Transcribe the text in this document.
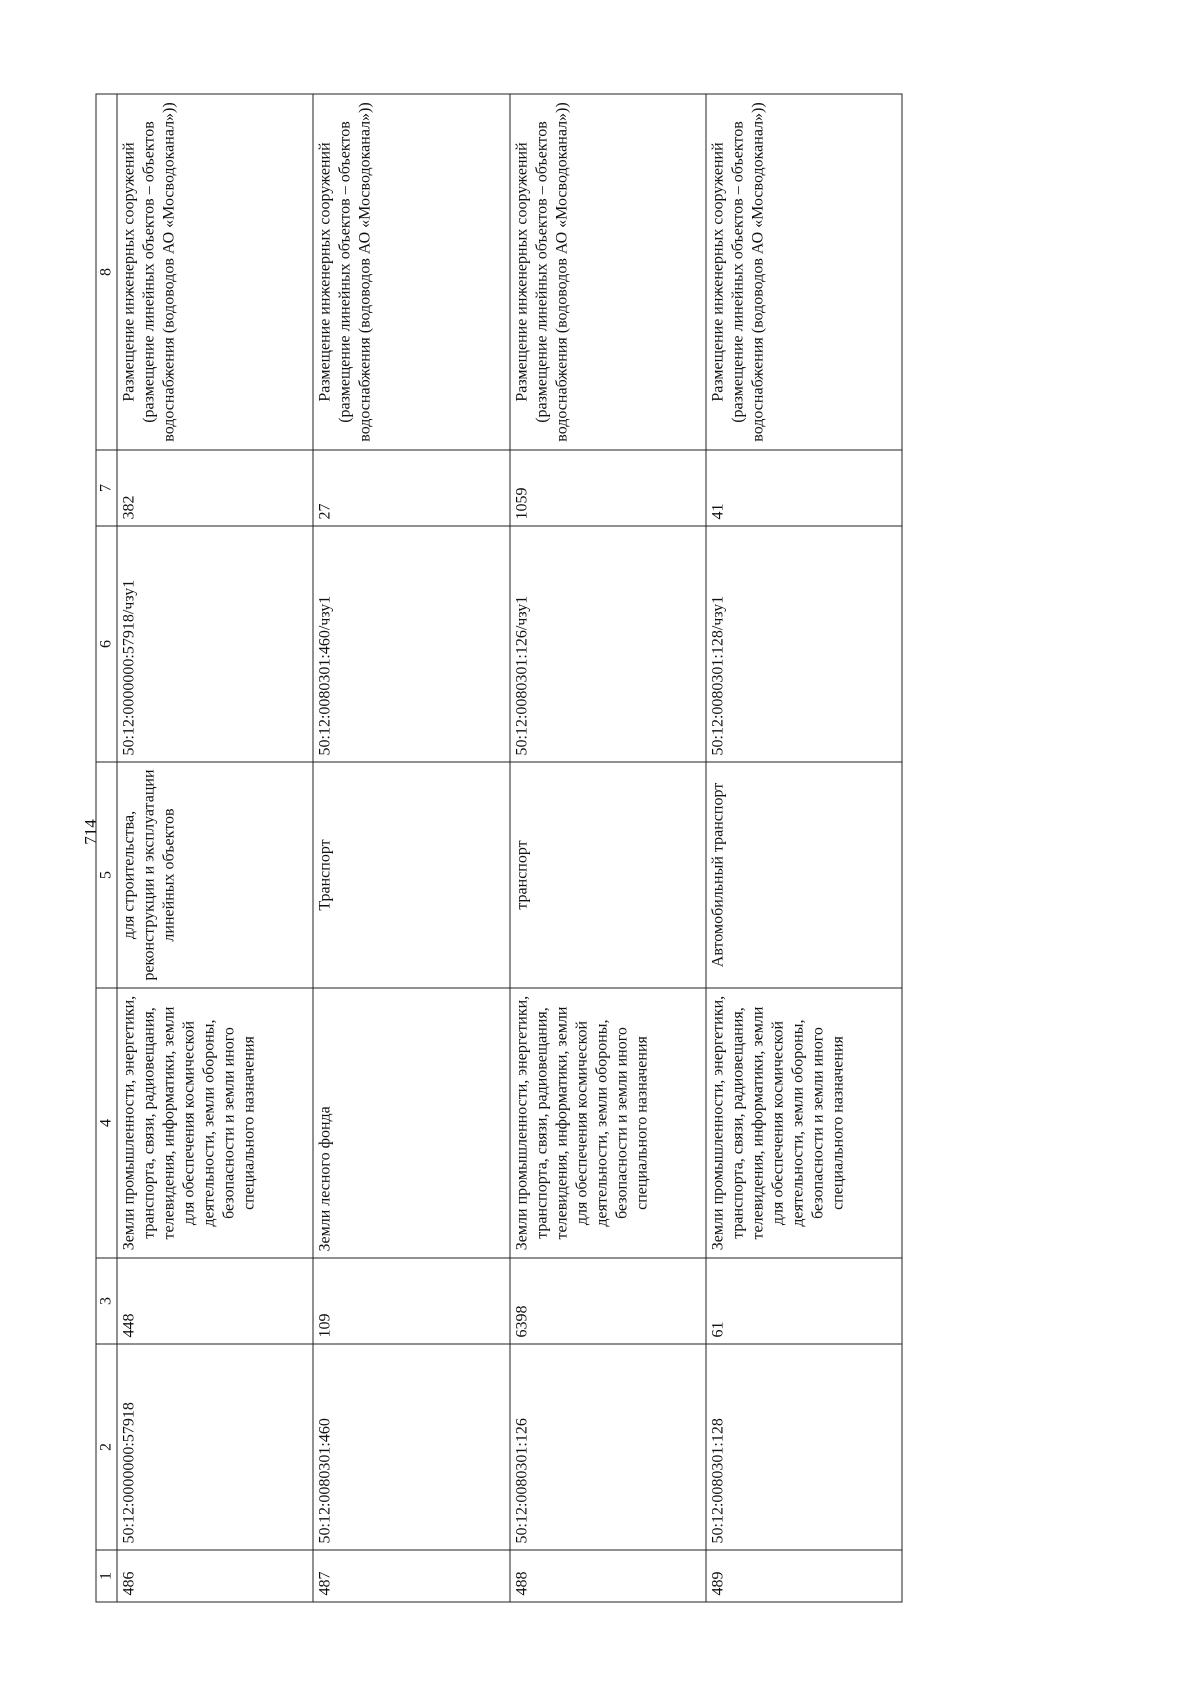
714
1	2	3	4	5	6	7	8
486	50:12:0000000:57918	448	Земли промышленности, энергетики, транспорта, связи, радиовещания, телевидения, информатики, земли для обеспечения космической деятельности, земли обороны, безопасности и земли иного специального назначения	для строительства, реконструкции и эксплуатации линейных объектов	50:12:0000000:57918/чзу1	382	Размещение инженерных сооружений (размещение линейных объектов – объектов водоснабжения (водоводов АО «Мосводоканал»))
487	50:12:0080301:460	109	Земли лесного фонда	Транспорт	50:12:0080301:460/чзу1	27	Размещение инженерных сооружений (размещение линейных объектов – объектов водоснабжения (водоводов АО «Мосводоканал»))
488	50:12:0080301:126	6398	Земли промышленности, энергетики, транспорта, связи, радиовещания, телевидения, информатики, земли для обеспечения космической деятельности, земли обороны, безопасности и земли иного специального назначения	транспорт	50:12:0080301:126/чзу1	1059	Размещение инженерных сооружений (размещение линейных объектов – объектов водоснабжения (водоводов АО «Мосводоканал»))
489	50:12:0080301:128	61	Земли промышленности, энергетики, транспорта, связи, радиовещания, телевидения, информатики, земли для обеспечения космической деятельности, земли обороны, безопасности и земли иного специального назначения	Автомобильный транспорт	50:12:0080301:128/чзу1	41	Размещение инженерных сооружений (размещение линейных объектов – объектов водоснабжения (водоводов АО «Мосводоканал»))
